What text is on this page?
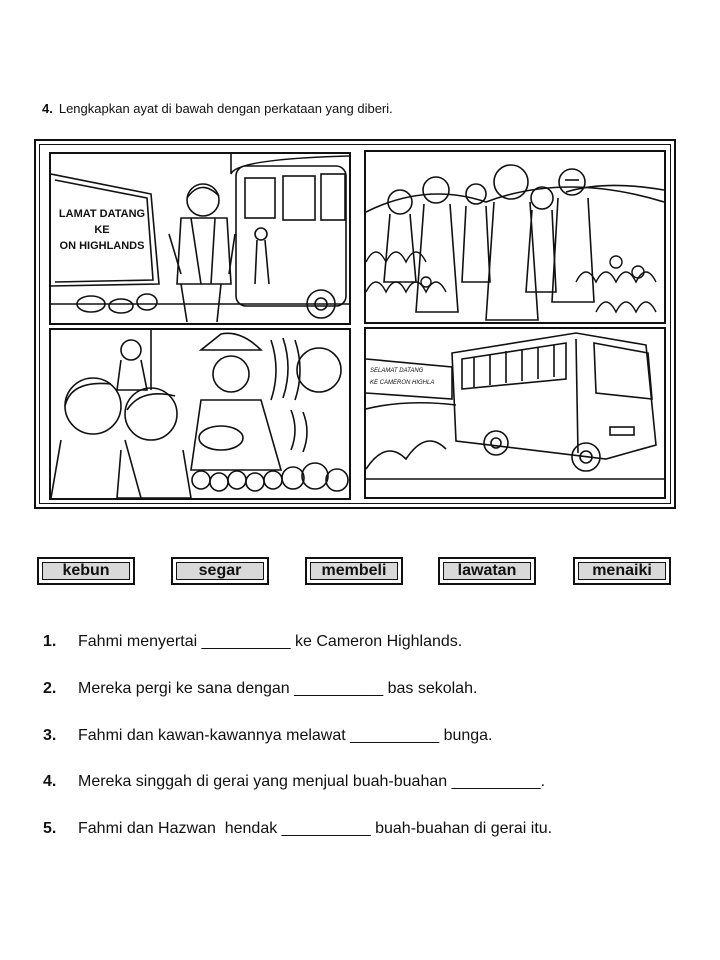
4. Lengkapkan ayat di bawah dengan perkataan yang diberi.
LAMAT DATANG
KE
ON HIGHLANDS
SELAMAT DATANG
KE CAMERON HIGHLA
kebun	segar	membeli	lawatan	menaiki
1. Fahmi menyertai __________ ke Cameron Highlands.
2. Mereka pergi ke sana dengan __________ bas sekolah.
3. Fahmi dan kawan-kawannya melawat __________ bunga.
4. Mereka singgah di gerai yang menjual buah-buahan __________.
5. Fahmi dan Hazwan  hendak __________ buah-buahan di gerai itu.
